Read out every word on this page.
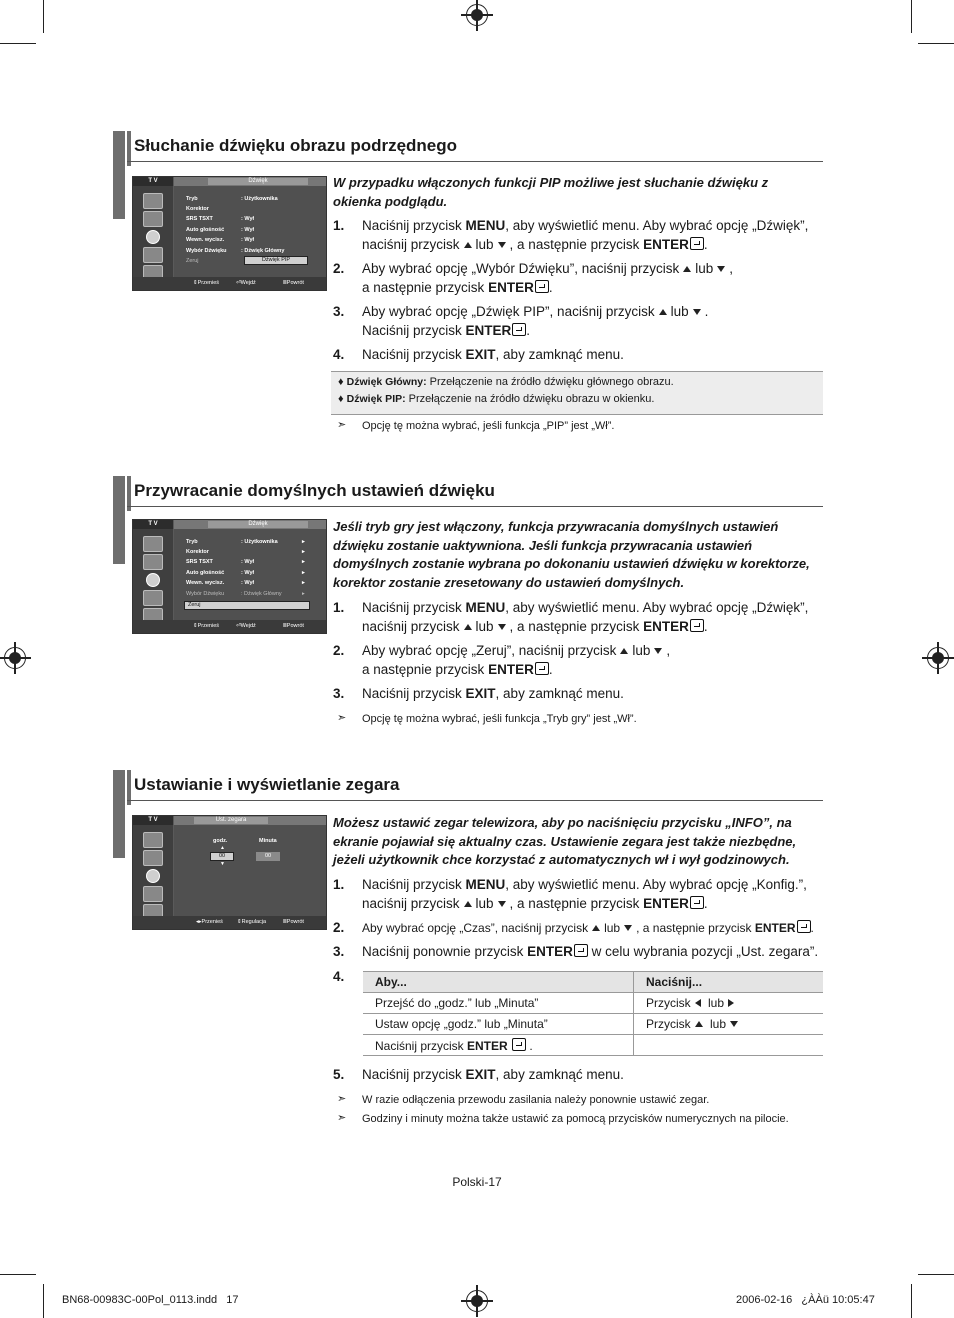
Słuchanie dźwięku obrazu podrzędnego
T V	Dźwięk
Tryb	: Użytkownika
Korektor
SRS TSXT	: Wył
Auto głośność	: Wył
Wewn. wycisz.	: Wył
Wybór Dźwięku	: Dźwięk Główny
Zeruj	Dźwięk PIP
⇕Przenieś	⏎Wejdź	ⅢPowrót
W przypadku włączonych funkcji PIP możliwe jest słuchanie dźwięku z okienka podglądu.
1. Naciśnij przycisk MENU, aby wyświetlić menu. Aby wybrać opcję „Dźwięk”,
naciśnij przycisk lub , a następnie przycisk ENTER .
2. Aby wybrać opcję „Wybór Dźwięku”, naciśnij przycisk lub ,
a następnie przycisk ENTER .
3. Aby wybrać opcję „Dźwięk PIP”, naciśnij przycisk lub .
Naciśnij przycisk ENTER .
4. Naciśnij przycisk EXIT, aby zamknąć menu.
♦ Dźwięk Główny: Przełączenie na źródło dźwięku głównego obrazu.
♦ Dźwięk PIP: Przełączenie na źródło dźwięku obrazu w okienku.
➣ Opcję tę można wybrać, jeśli funkcja „PIP” jest „Wł”.
Przywracanie domyślnych ustawień dźwięku
T V	Dźwięk
Tryb	: Użytkownika	▸
Korektor	▸
SRS TSXT	: Wył	▸
Auto głośność	: Wył	▸
Wewn. wycisz.	: Wył	▸
Wybór Dźwięku	: Dźwięk Główny	▸
Zeruj
⇕Przenieś	⏎Wejdź	ⅢPowrót
Jeśli tryb gry jest włączony, funkcja przywracania domyślnych ustawień dźwięku zostanie uaktywniona. Jeśli funkcja przywracania ustawień domyślnych zostanie wybrana po dokonaniu ustawień dźwięku w korektorze, korektor zostanie zresetowany do ustawień domyślnych.
1. Naciśnij przycisk MENU, aby wyświetlić menu. Aby wybrać opcję „Dźwięk”,
naciśnij przycisk lub , a następnie przycisk ENTER .
2. Aby wybrać opcję „Zeruj”, naciśnij przycisk lub ,
a następnie przycisk ENTER .
3. Naciśnij przycisk EXIT, aby zamknąć menu.
➣ Opcję tę można wybrać, jeśli funkcja „Tryb gry” jest „Wł”.
Ustawianie i wyświetlanie zegara
T V	Ust. zegara
godz.	Minuta
▲
00	00
▼
◂▸Przenieś	⇕Regulacja	ⅢPowrót
Możesz ustawić zegar telewizora, aby po naciśnięciu przycisku „INFO”, na ekranie pojawiał się aktualny czas. Ustawienie zegara jest także niezbędne, jeżeli użytkownik chce korzystać z automatycznych wł i wył godzinowych.
1. Naciśnij przycisk MENU, aby wyświetlić menu. Aby wybrać opcję „Konfig.”,
naciśnij przycisk lub , a następnie przycisk ENTER .
2. Aby wybrać opcję „Czas”, naciśnij przycisk lub , a następnie przycisk ENTER .
3. Naciśnij ponownie przycisk ENTER w celu wybrania pozycji „Ust. zegara”.
4.	Aby...	Naciśnij...
Przejść do „godz.” lub „Minuta”	Przycisk lub
Ustaw opcję „godz.” lub „Minuta”	Przycisk lub
Naciśnij przycisk ENTER  .	
5. Naciśnij przycisk EXIT, aby zamknąć menu.
➣ W razie odłączenia przewodu zasilania należy ponownie ustawić zegar.
➣ Godziny i minuty można także ustawić za pomocą przycisków numerycznych na pilocie.
Polski-17
BN68-00983C-00Pol_0113.indd   17	2006-02-16   ¿ÀÀü 10:05:47
